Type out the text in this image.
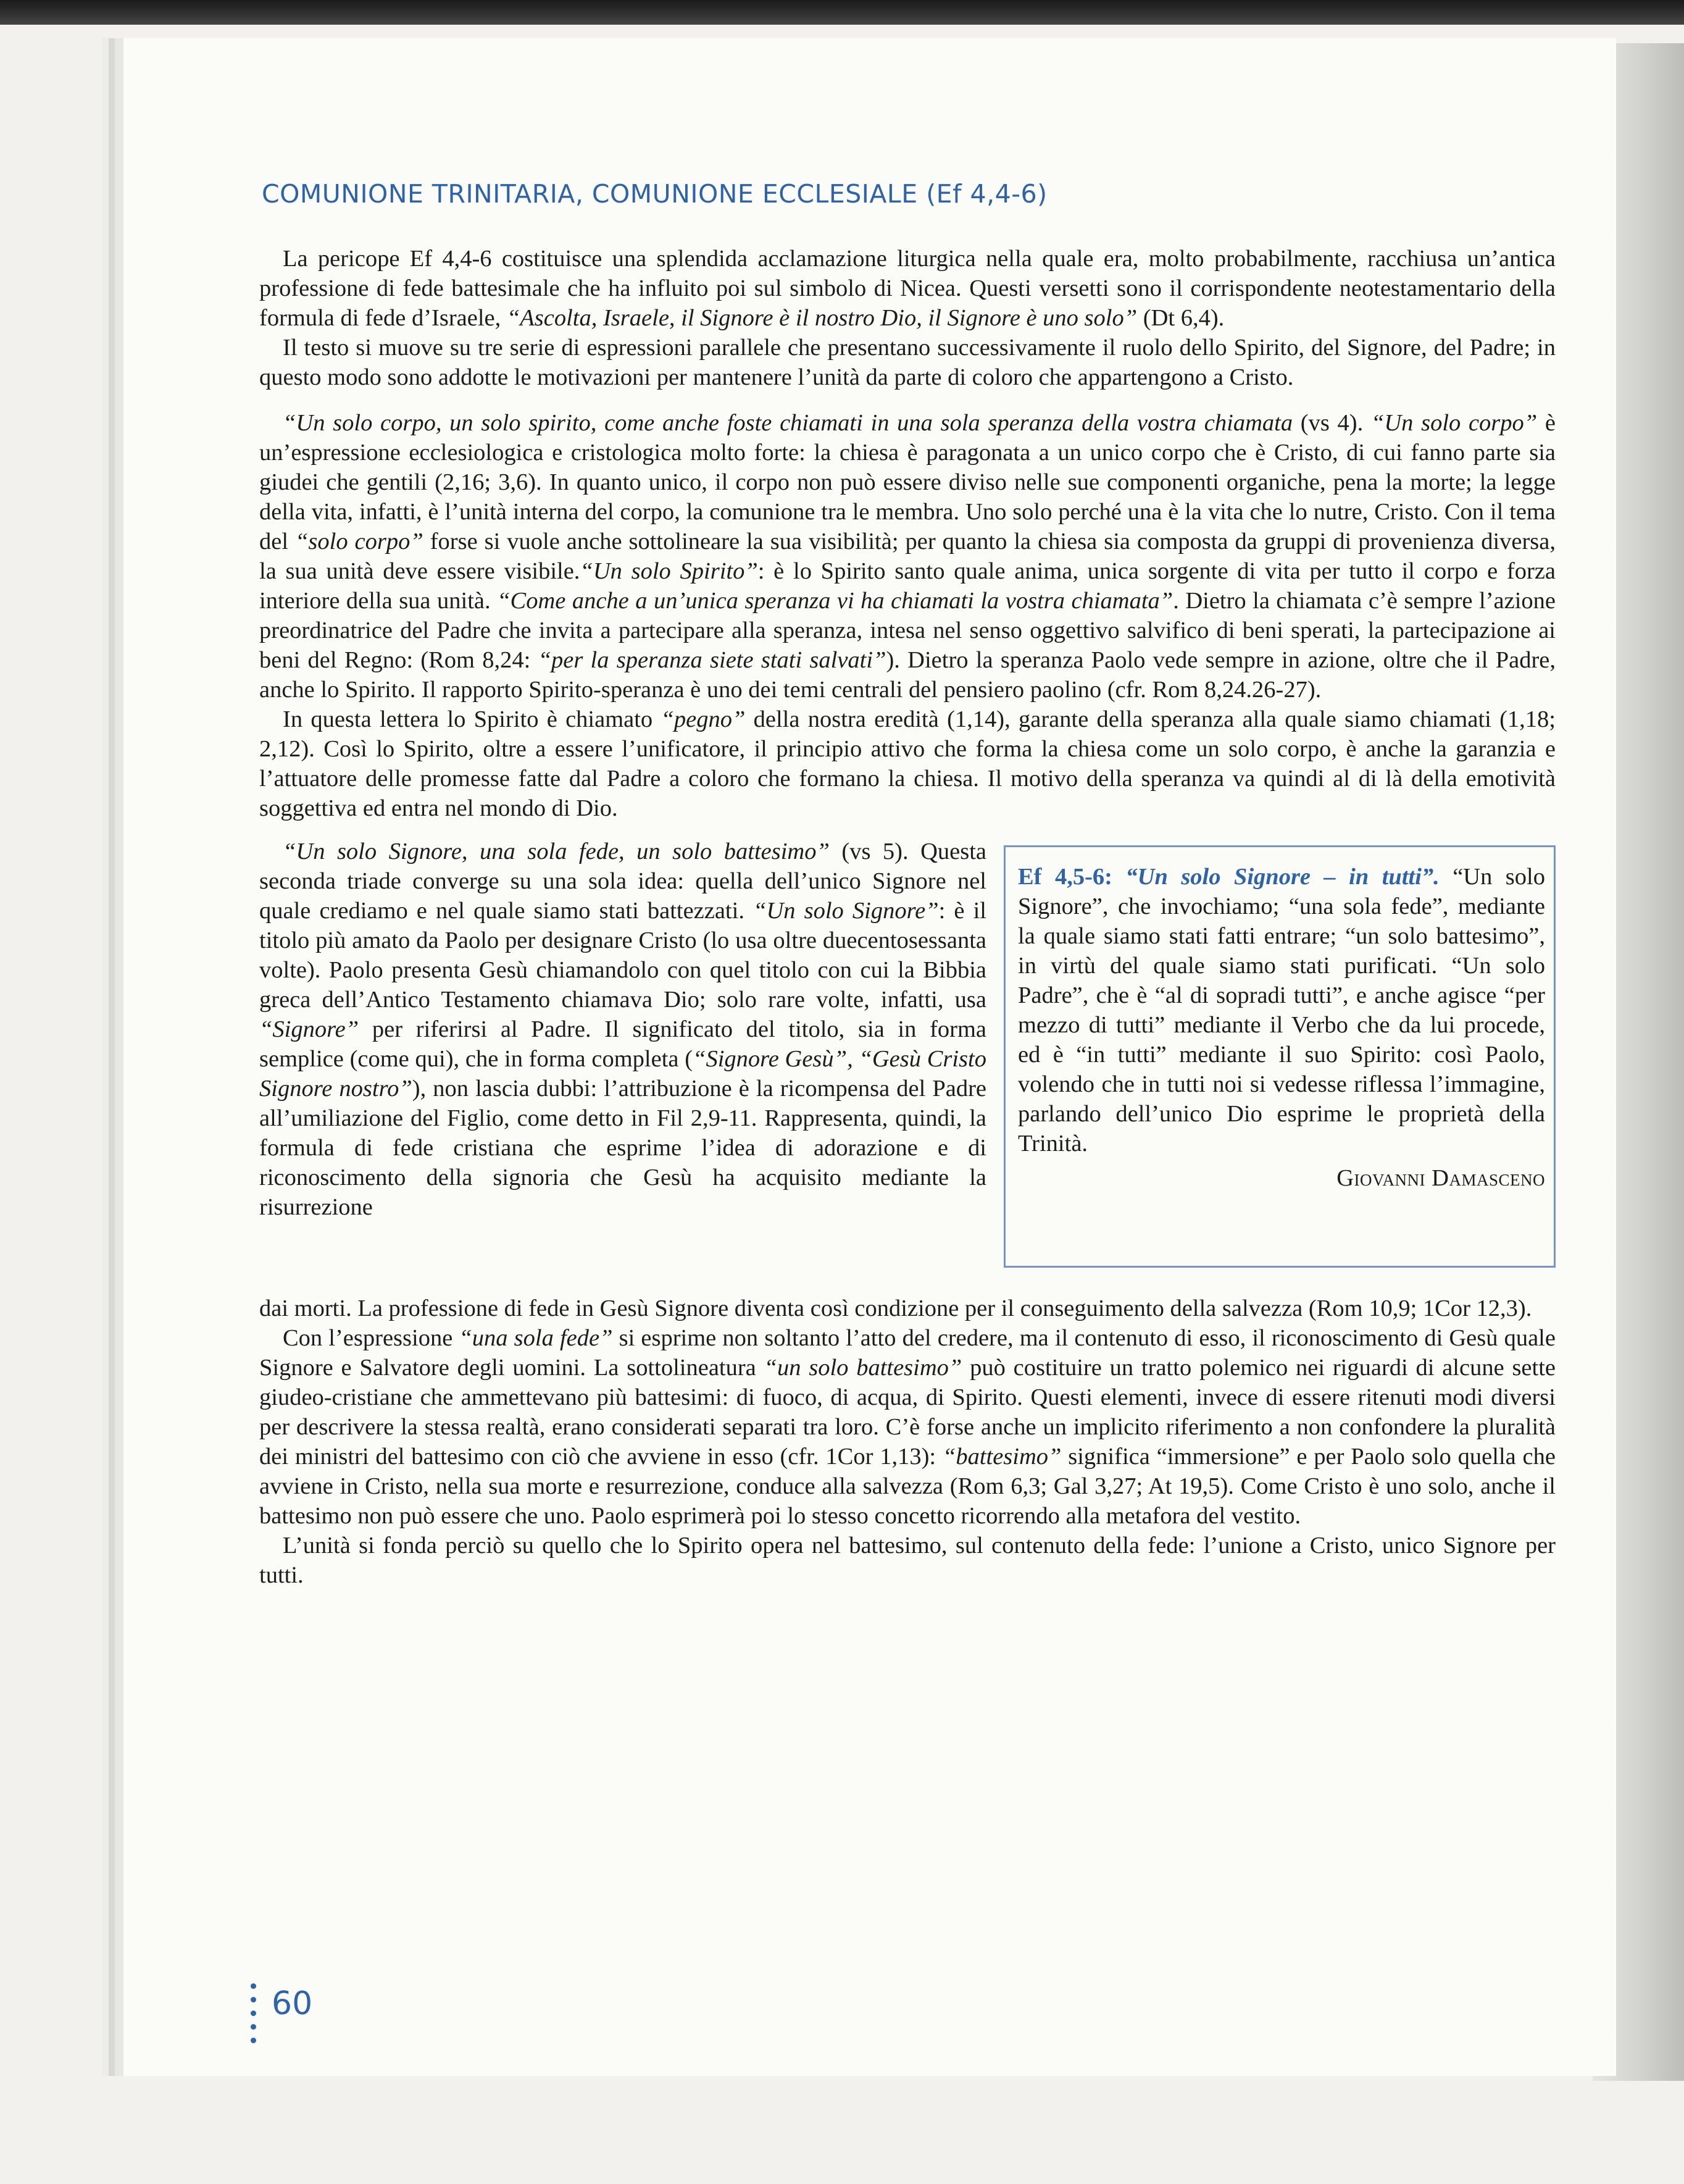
COMUNIONE TRINITARIA, COMUNIONE ECCLESIALE (Ef 4,4-6)

La pericope Ef 4,4-6 costituisce una splendida acclamazione liturgica nella quale era, molto probabilmente, racchiusa un’antica professione di fede battesimale che ha influito poi sul simbolo di Nicea. Questi versetti sono il corrispondente neotestamentario della formula di fede d’Israele, “Ascolta, Israele, il Signore è il nostro Dio, il Signore è uno solo” (Dt 6,4).

Il testo si muove su tre serie di espressioni parallele che presentano successivamente il ruolo dello Spirito, del Signore, del Padre; in questo modo sono addotte le motivazioni per mantenere l’unità da parte di coloro che appartengono a Cristo.

“Un solo corpo, un solo spirito, come anche foste chiamati in una sola speranza della vostra chiamata (vs 4). “Un solo corpo” è un’espressione ecclesiologica e cristologica molto forte: la chiesa è paragonata a un unico corpo che è Cristo, di cui fanno parte sia giudei che gentili (2,16; 3,6). In quanto unico, il corpo non può essere diviso nelle sue componenti organiche, pena la morte; la legge della vita, infatti, è l’unità interna del corpo, la comunione tra le membra. Uno solo perché una è la vita che lo nutre, Cristo. Con il tema del “solo corpo” forse si vuole anche sottolineare la sua visibilità; per quanto la chiesa sia composta da gruppi di provenienza diversa, la sua unità deve essere visibile.“Un solo Spirito”: è lo Spirito santo quale anima, unica sorgente di vita per tutto il corpo e forza interiore della sua unità. “Come anche a un’unica speranza vi ha chiamati la vostra chiamata”. Dietro la chiamata c’è sempre l’azione preordinatrice del Padre che invita a partecipare alla speranza, intesa nel senso oggettivo salvifico di beni sperati, la partecipazione ai beni del Regno: (Rom 8,24: “per la speranza siete stati salvati”). Dietro la speranza Paolo vede sempre in azione, oltre che il Padre, anche lo Spirito. Il rapporto Spirito-speranza è uno dei temi centrali del pensiero paolino (cfr. Rom 8,24.26-27).

In questa lettera lo Spirito è chiamato “pegno” della nostra eredità (1,14), garante della speranza alla quale siamo chiamati (1,18; 2,12). Così lo Spirito, oltre a essere l’unificatore, il principio attivo che forma la chiesa come un solo corpo, è anche la garanzia e l’attuatore delle promesse fatte dal Padre a coloro che formano la chiesa. Il motivo della speranza va quindi al di là della emotività soggettiva ed entra nel mondo di Dio.

“Un solo Signore, una sola fede, un solo battesimo” (vs 5). Questa seconda triade converge su una sola idea: quella dell’unico Signore nel quale crediamo e nel quale siamo stati battezzati. “Un solo Signore”: è il titolo più amato da Paolo per designare Cristo (lo usa oltre duecentosessanta volte). Paolo presenta Gesù chiamandolo con quel titolo con cui la Bibbia greca dell’Antico Testamento chiamava Dio; solo rare volte, infatti, usa “Signore” per riferirsi al Padre. Il significato del titolo, sia in forma semplice (come qui), che in forma completa (“Signore Gesù”, “Gesù Cristo Signore nostro”), non lascia dubbi: l’attribuzione è la ricompensa del Padre all’umiliazione del Figlio, come detto in Fil 2,9-11. Rappresenta, quindi, la formula di fede cristiana che esprime l’idea di adorazione e di riconoscimento della signoria che Gesù ha acquisito mediante la risurrezione

Ef 4,5-6: “Un solo Signore – in tutti”. “Un solo Signore”, che invochiamo; “una sola fede”, mediante la quale siamo stati fatti entrare; “un solo battesimo”, in virtù del quale siamo stati purificati. “Un solo Padre”, che è “al di sopradi tutti”, e anche agisce “per mezzo di tutti” mediante il Verbo che da lui procede, ed è “in tutti” mediante il suo Spirito: così Paolo, volendo che in tutti noi si vedesse riflessa l’immagine, parlando dell’unico Dio esprime le proprietà della Trinità.

Giovanni Damasceno

dai morti. La professione di fede in Gesù Signore diventa così condizione per il conseguimento della salvezza (Rom 10,9; 1Cor 12,3).

Con l’espressione “una sola fede” si esprime non soltanto l’atto del credere, ma il contenuto di esso, il riconoscimento di Gesù quale Signore e Salvatore degli uomini. La sottolineatura “un solo battesimo” può costituire un tratto polemico nei riguardi di alcune sette giudeo-cristiane che ammettevano più battesimi: di fuoco, di acqua, di Spirito. Questi elementi, invece di essere ritenuti modi diversi per descrivere la stessa realtà, erano considerati separati tra loro. C’è forse anche un implicito riferimento a non confondere la pluralità dei ministri del battesimo con ciò che avviene in esso (cfr. 1Cor 1,13): “battesimo” significa “immersione” e per Paolo solo quella che avviene in Cristo, nella sua morte e resurrezione, conduce alla salvezza (Rom 6,3; Gal 3,27; At 19,5). Come Cristo è uno solo, anche il battesimo non può essere che uno. Paolo esprimerà poi lo stesso concetto ricorrendo alla metafora del vestito.

L’unità si fonda perciò su quello che lo Spirito opera nel battesimo, sul contenuto della fede: l’unione a Cristo, unico Signore per tutti.

60
